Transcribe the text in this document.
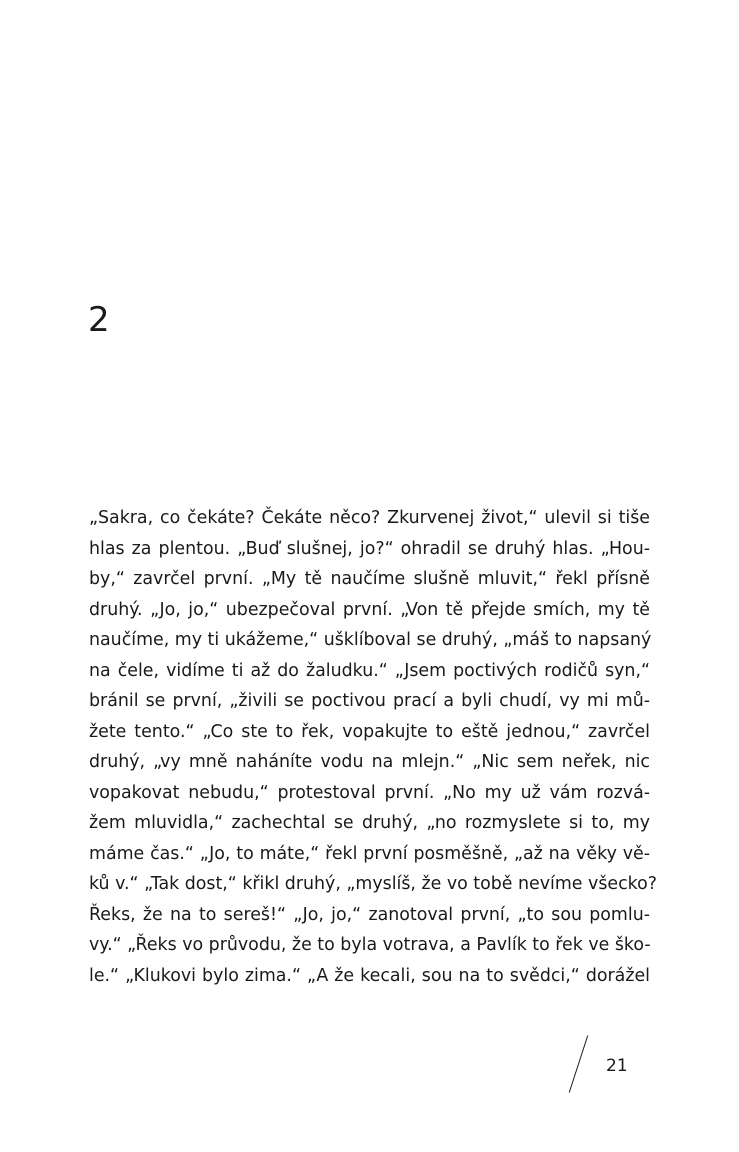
2
„Sakra, co čekáte? Čekáte něco? Zkurvenej život,“ ulevil si tiše
hlas za plentou. „Buď slušnej, jo?“ ohradil se druhý hlas. „Hou-
by,“ zavrčel první. „My tě naučíme slušně mluvit,“ řekl přísně
druhý. „Jo, jo,“ ubezpečoval první. „Von tě přejde smích, my tě
naučíme, my ti ukážeme,“ ušklíboval se druhý, „máš to napsaný
na čele, vidíme ti až do žaludku.“ „Jsem poctivých rodičů syn,“
bránil se první, „živili se poctivou prací a byli chudí, vy mi mů-
žete tento.“ „Co ste to řek, vopakujte to eště jednou,“ zavrčel
druhý, „vy mně naháníte vodu na mlejn.“ „Nic sem neřek, nic
vopakovat nebudu,“ protestoval první. „No my už vám rozvá-
žem mluvidla,“ zachechtal se druhý, „no rozmyslete si to, my
máme čas.“ „Jo, to máte,“ řekl první posměšně, „až na věky vě-
ků v.“ „Tak dost,“ křikl druhý, „myslíš, že vo tobě nevíme všecko?
Řeks, že na to sereš!“ „Jo, jo,“ zanotoval první, „to sou pomlu-
vy.“ „Řeks vo průvodu, že to byla votrava, a Pavlík to řek ve ško-
le.“ „Klukovi bylo zima.“ „A že kecali, sou na to svědci,“ dorážel
21
